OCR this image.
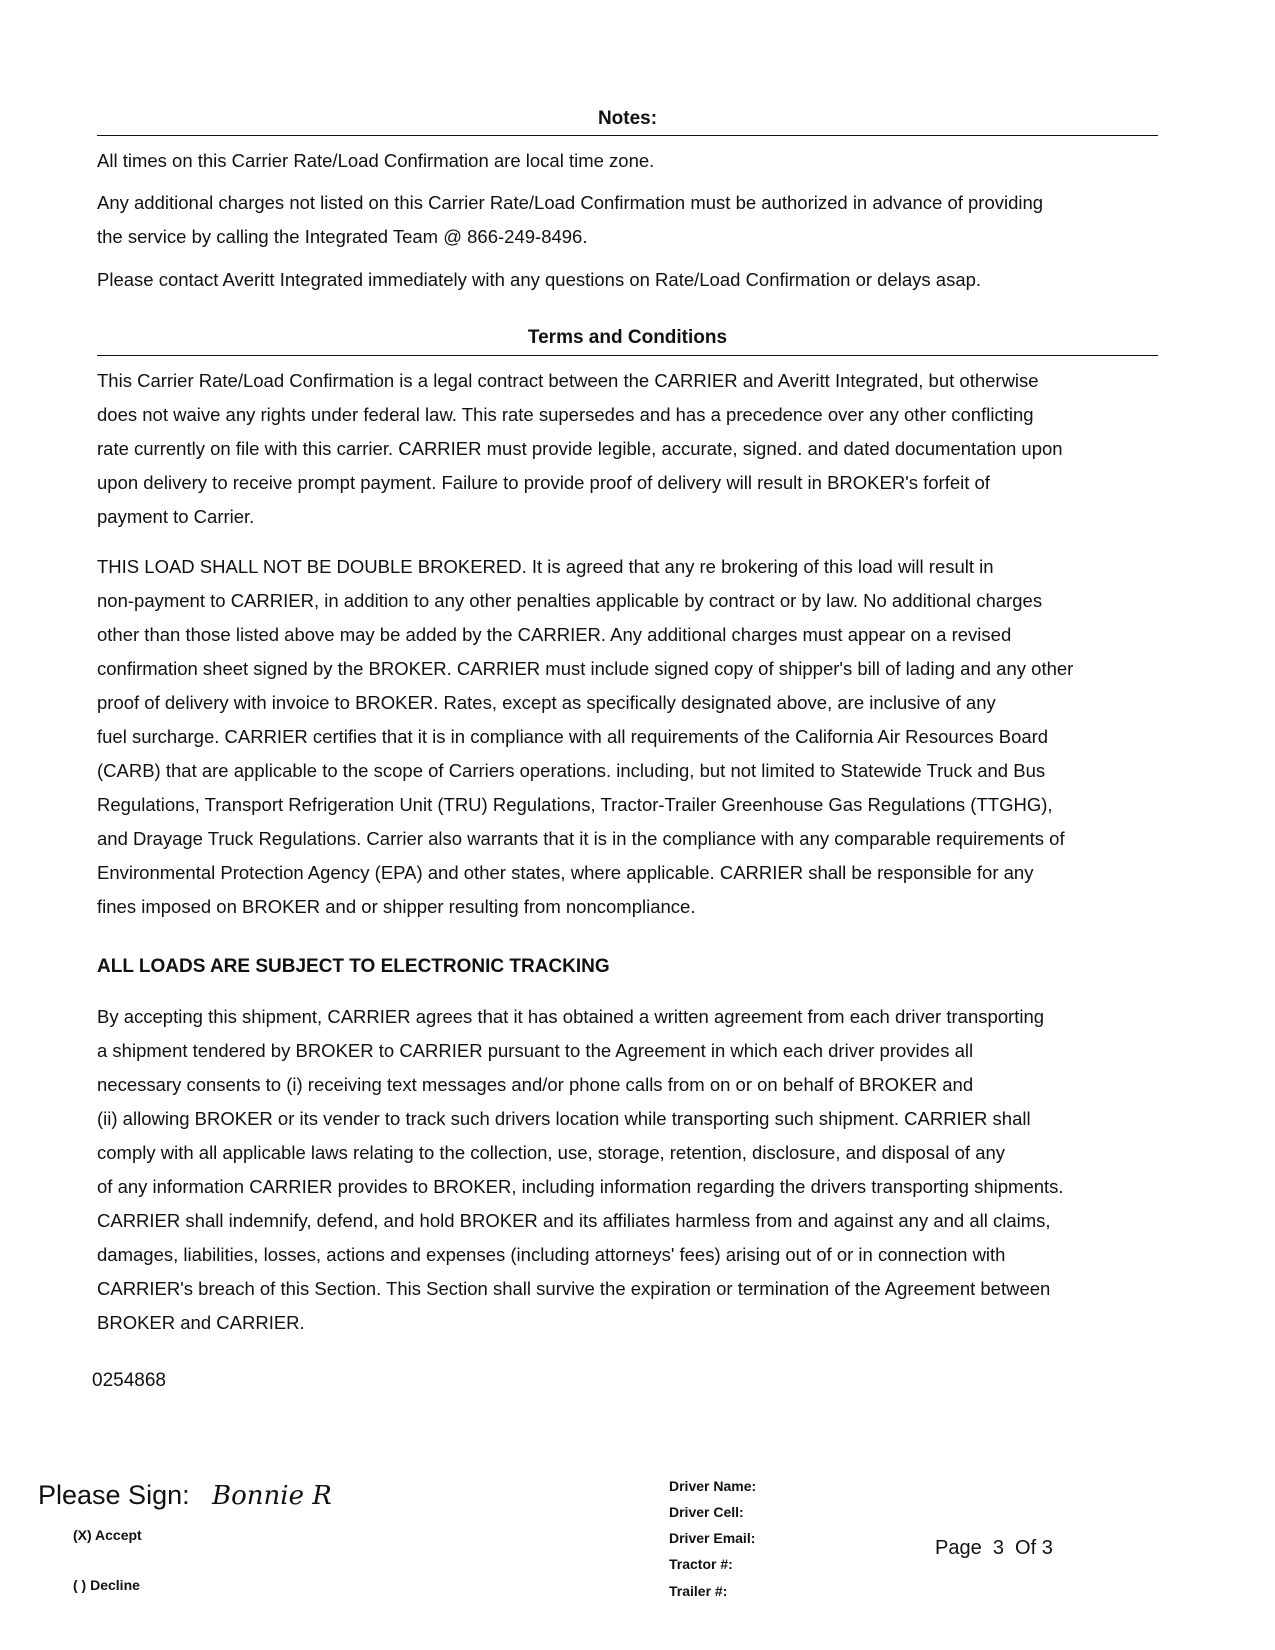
Notes:
All times on this Carrier Rate/Load Confirmation are local time zone.
Any additional charges not listed on this Carrier Rate/Load Confirmation must be authorized in advance of providing
the service by calling the Integrated Team @ 866-249-8496.
Please contact Averitt Integrated immediately with any questions on Rate/Load Confirmation or delays asap.
Terms and Conditions
This Carrier Rate/Load Confirmation is a legal contract between the CARRIER and Averitt Integrated, but otherwise
does not waive any rights under federal law. This rate supersedes and has a precedence over any other conflicting
rate currently on file with this carrier. CARRIER must provide legible, accurate, signed. and dated documentation upon
upon delivery to receive prompt payment. Failure to provide proof of delivery will result in BROKER's forfeit of
payment to Carrier.
THIS LOAD SHALL NOT BE DOUBLE BROKERED. It is agreed that any re brokering of this load will result in
non-payment to CARRIER, in addition to any other penalties applicable by contract or by law. No additional charges
other than those listed above may be added by the CARRIER. Any additional charges must appear on a revised
confirmation sheet signed by the BROKER. CARRIER must include signed copy of shipper's bill of lading and any other
proof of delivery with invoice to BROKER. Rates, except as specifically designated above, are inclusive of any
fuel surcharge. CARRIER certifies that it is in compliance with all requirements of the California Air Resources Board
(CARB) that are applicable to the scope of Carriers operations. including, but not limited to Statewide Truck and Bus
Regulations, Transport Refrigeration Unit (TRU) Regulations, Tractor-Trailer Greenhouse Gas Regulations (TTGHG),
and Drayage Truck Regulations. Carrier also warrants that it is in the compliance with any comparable requirements of
Environmental Protection Agency (EPA) and other states, where applicable. CARRIER shall be responsible for any
fines imposed on BROKER and or shipper resulting from noncompliance.
ALL LOADS ARE SUBJECT TO ELECTRONIC TRACKING
By accepting this shipment, CARRIER agrees that it has obtained a written agreement from each driver transporting
a shipment tendered by BROKER to CARRIER pursuant to the Agreement in which each driver provides all
necessary consents to (i) receiving text messages and/or phone calls from on or on behalf of BROKER and
(ii) allowing BROKER or its vender to track such drivers location while transporting such shipment. CARRIER shall
comply with all applicable laws relating to the collection, use, storage, retention, disclosure, and disposal of any
of any information CARRIER provides to BROKER, including information regarding the drivers transporting shipments.
CARRIER shall indemnify, defend, and hold BROKER and its affiliates harmless from and against any and all claims,
damages, liabilities, losses, actions and expenses (including attorneys' fees) arising out of or in connection with
CARRIER's breach of this Section. This Section shall survive the expiration or termination of the Agreement between
BROKER and CARRIER.
0254868
Please Sign: Bonnie R
(X) Accept
( ) Decline
Driver Name:
Driver Cell:
Driver Email:
Tractor #:
Trailer #:
Page  3  Of 3
